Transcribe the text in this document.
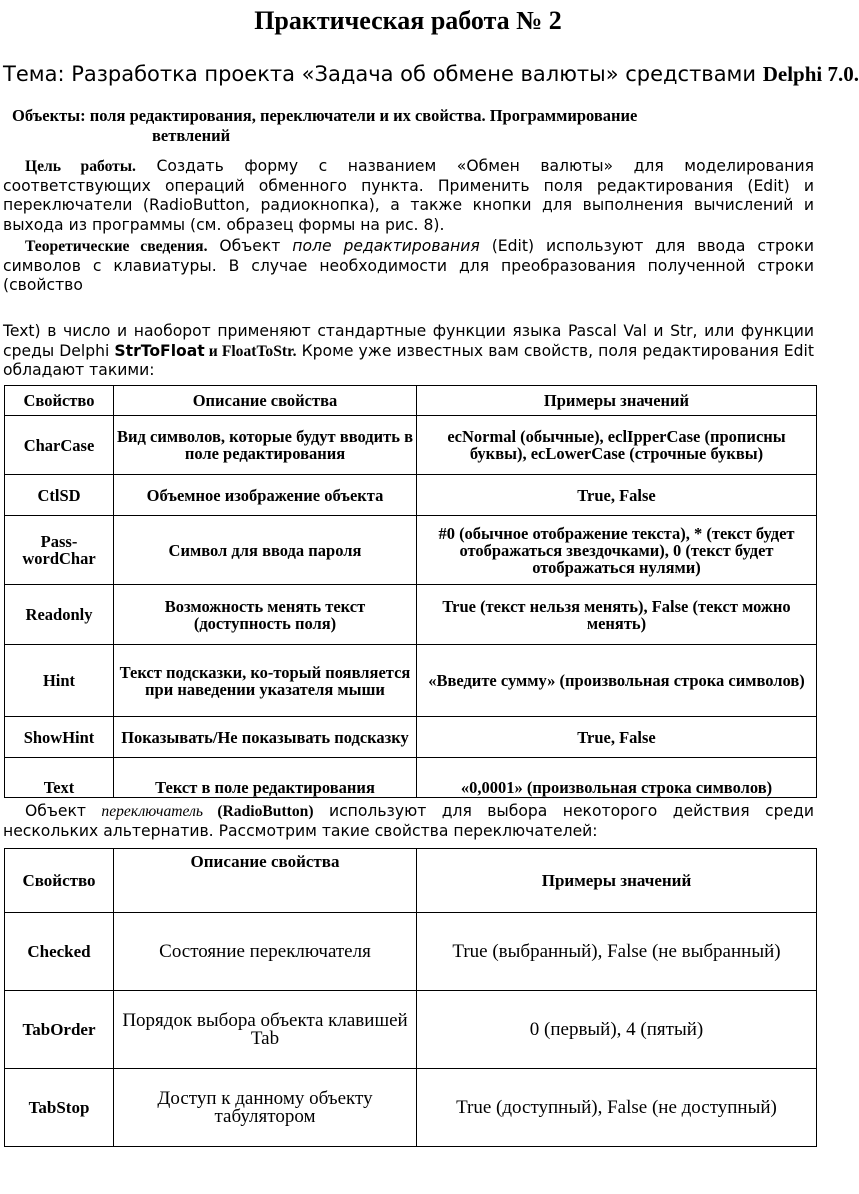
Практическая работа № 2
Тема: Разработка проекта «Задача об обмене валюты» средствами Delphi 7.0.
Объекты: поля редактирования, переключатели и их свойства. Программирование
ветвлений
Цель работы. Создать форму с названием «Обмен валюты» для моделирования соответствующих операций обменного пункта. Применить поля редактирования (Edit) и переключатели (RadioButton, радиокнопка), а также кнопки для выполнения вычислений и выхода из программы (см. образец формы на рис. 8).
Теоретические сведения. Объект поле редактирования (Edit) используют для ввода строки символов с клавиатуры. В случае необходимости для преобразования полученной строки (свойство
Text) в число и наоборот применяют стандартные функции языка Pascal Val и Str, или функции среды Delphi StrToFloat и FloatToStr. Кроме уже известных вам свойств, поля редактирования Edit обладают такими:
Свойство	Описание свойства	Примеры значений
CharCase	Вид символов, которые будут вводить в поле редактирования	ecNormal (обычные), eclIpperCase (прописны буквы), ecLowerCase (строчные буквы)
CtlSD	Объемное изображение объекта	True, False
Pass-wordChar	Символ для ввода пароля	#0 (обычное отображение текста), * (текст будет отображаться звездочками), 0 (текст будет отображаться нулями)
Readonly	Возможность менять текст (доступность поля)	True (текст нельзя менять), False (текст можно менять)
Hint	Текст подсказки, ко-торый появляется при наведении указателя мыши	«Введите сумму» (произвольная строка символов)
ShowHint	Показывать/Не показывать подсказку	True, False
Text	Текст в поле редактирования	«0,0001» (произвольная строка символов)
Объект переключатель (RadioButton) используют для выбора некоторого действия среди нескольких альтернатив. Рассмотрим такие свойства переключателей:
Свойство	Описание свойства	Примеры значений
Checked	Состояние переключателя	True (выбранный), False (не выбранный)
TabOrder	Порядок выбора объекта клавишей Tab	0 (первый), 4 (пятый)
TabStop	Доступ к данному объекту табулятором	True (доступный), False (не доступный)
